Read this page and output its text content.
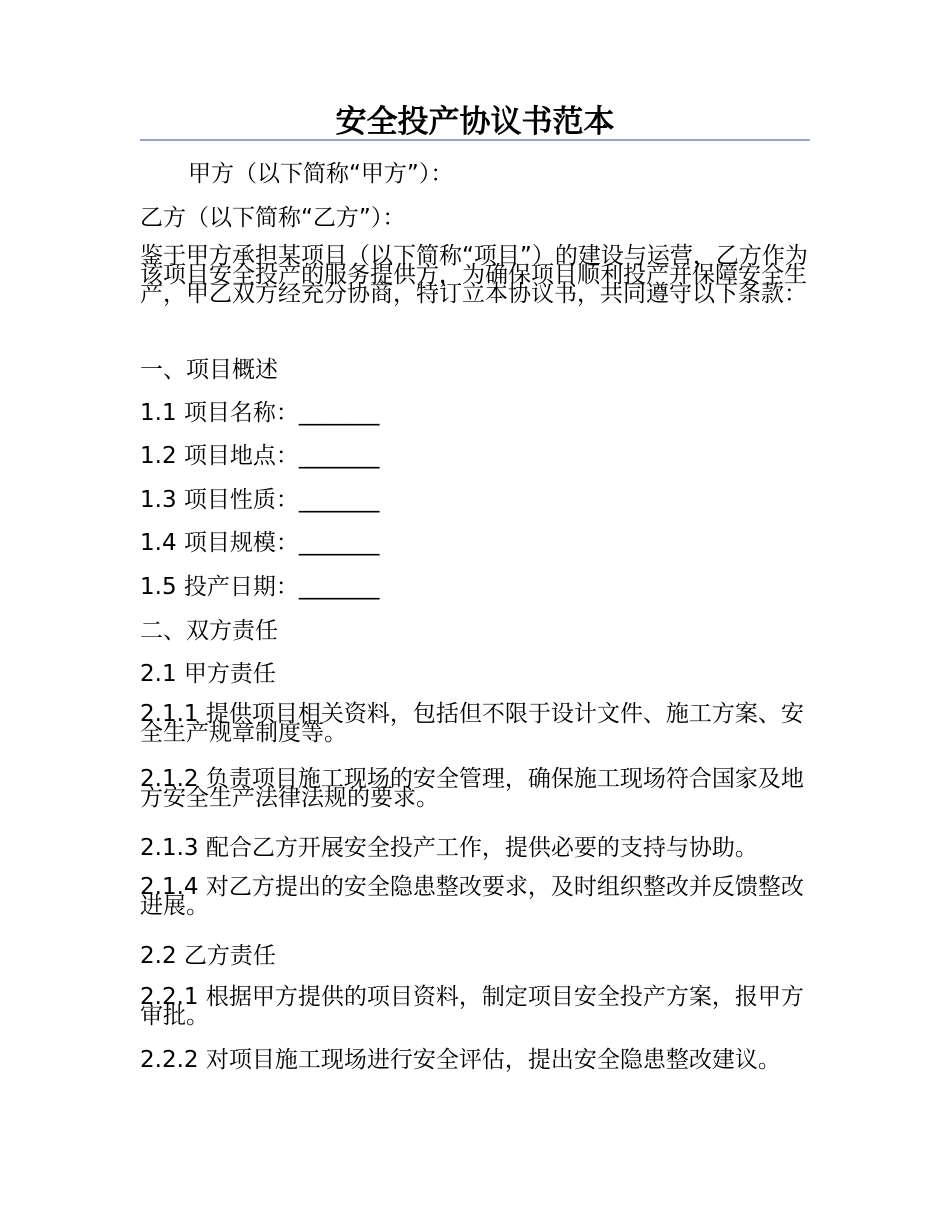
安全投产协议书范本

甲方（以下简称“甲方”）：

乙方（以下简称“乙方”）：

鉴于甲方承担某项目（以下简称“项目”）的建设与运营，乙方作为该项目安全投产的服务提供方，为确保项目顺利投产并保障安全生产，甲乙双方经充分协商，特订立本协议书，共同遵守以下条款：

一、项目概述

1.1 项目名称：_______

1.2 项目地点：_______

1.3 项目性质：_______

1.4 项目规模：_______

1.5 投产日期：_______

二、双方责任

2.1 甲方责任

2.1.1 提供项目相关资料，包括但不限于设计文件、施工方案、安全生产规章制度等。

2.1.2 负责项目施工现场的安全管理，确保施工现场符合国家及地方安全生产法律法规的要求。

2.1.3 配合乙方开展安全投产工作，提供必要的支持与协助。

2.1.4 对乙方提出的安全隐患整改要求，及时组织整改并反馈整改进展。

2.2 乙方责任

2.2.1 根据甲方提供的项目资料，制定项目安全投产方案，报甲方审批。

2.2.2 对项目施工现场进行安全评估，提出安全隐患整改建议。
